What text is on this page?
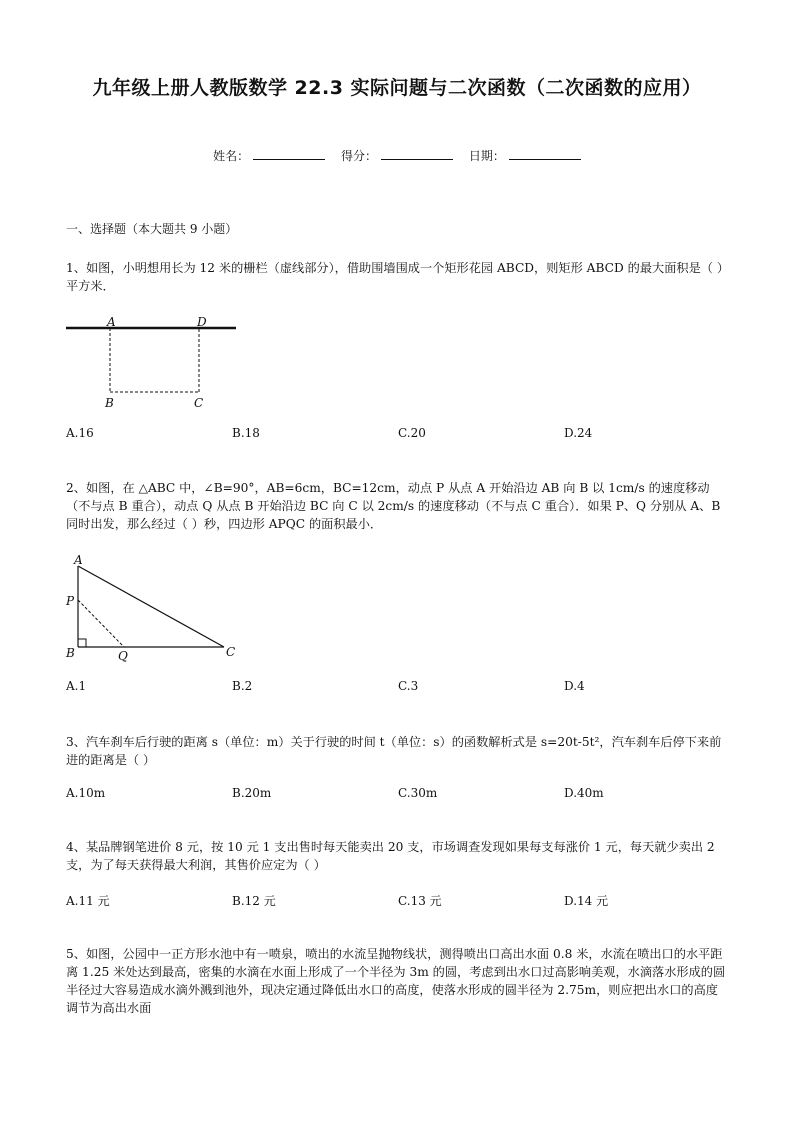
九年级上册人教版数学 22.3 实际问题与二次函数（二次函数的应用）
姓名：	得分：	日期：
一、选择题（本大题共 9 小题）
1、如图，小明想用长为 12 米的栅栏（虚线部分），借助围墙围成一个矩形花园 ABCD，则矩形 ABCD 的最大面积是（ ）平方米．
A	D
B	C
A.16	B.18	C.20	D.24
2、如图，在 △ABC 中，∠B=90°，AB=6cm，BC=12cm，动点 P 从点 A 开始沿边 AB 向 B 以 1cm/s 的速度移动（不与点 B 重合），动点 Q 从点 B 开始沿边 BC 向 C 以 2cm/s 的速度移动（不与点 C 重合）．如果 P、Q 分别从 A、B 同时出发，那么经过（ ）秒，四边形 APQC 的面积最小．
A
P
B	Q	C
A.1	B.2	C.3	D.4
3、汽车刹车后行驶的距离 s（单位：m）关于行驶的时间 t（单位：s）的函数解析式是 s=20t-5t²，汽车刹车后停下来前进的距离是（ ）
A.10m	B.20m	C.30m	D.40m
4、某品牌钢笔进价 8 元，按 10 元 1 支出售时每天能卖出 20 支，市场调查发现如果每支每涨价 1 元，每天就少卖出 2 支，为了每天获得最大利润，其售价应定为（ ）
A.11 元	B.12 元	C.13 元	D.14 元
5、如图，公园中一正方形水池中有一喷泉，喷出的水流呈抛物线状，测得喷出口高出水面 0.8 米，水流在喷出口的水平距离 1.25 米处达到最高，密集的水滴在水面上形成了一个半径为 3m 的圆，考虑到出水口过高影响美观，水滴落水形成的圆半径过大容易造成水滴外溅到池外，现决定通过降低出水口的高度，使落水形成的圆半径为 2.75m，则应把出水口的高度调节为高出水面
